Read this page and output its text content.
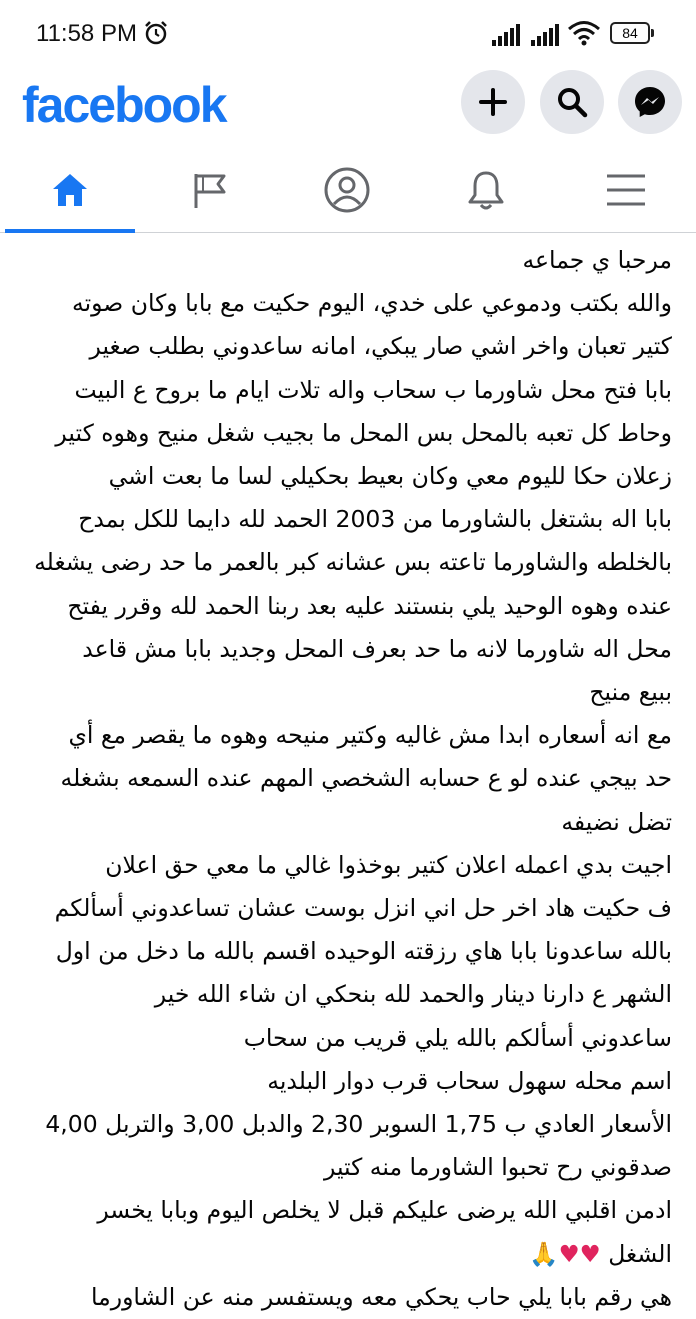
11:58 PM	84
facebook

مرحبا ي جماعه

والله بكتب ودموعي على خدي، اليوم حكيت مع بابا وكان صوته

كتير تعبان واخر اشي صار يبكي، امانه ساعدوني بطلب صغير

بابا فتح محل شاورما ب سحاب واله تلات ايام ما بروح ع البيت

وحاط كل تعبه بالمحل بس المحل ما بجيب شغل منيح وهوه كتير

زعلان حكا لليوم معي وكان بعيط بحكيلي لسا ما بعت اشي

بابا اله بشتغل بالشاورما من 2003 الحمد لله دايما للكل بمدح

بالخلطه والشاورما تاعته بس عشانه كبر بالعمر ما حد رضى يشغله

عنده وهوه الوحيد يلي بنستند عليه بعد ربنا الحمد لله وقرر يفتح

محل اله شاورما لانه ما حد بعرف المحل وجديد بابا مش قاعد

ببيع منيح

مع انه أسعاره ابدا مش غاليه وكتير منيحه وهوه ما يقصر مع أي

حد بيجي عنده لو ع حسابه الشخصي المهم عنده السمعه بشغله

تضل نضيفه

اجيت بدي اعمله اعلان كتير بوخذوا غالي ما معي حق اعلان

ف حكيت هاد اخر حل اني انزل بوست عشان تساعدوني أسألكم

بالله ساعدونا بابا هاي رزقته الوحيده اقسم بالله ما دخل من اول

الشهر ع دارنا دينار والحمد لله بنحكي ان شاء الله خير

ساعدوني أسألكم بالله يلي قريب من سحاب

اسم محله سهول سحاب قرب دوار البلديه

الأسعار العادي ب 1,75 السوبر 2,30 والدبل 3,00 والتربل 4,00

صدقوني رح تحبوا الشاورما منه كتير

ادمن اقلبي الله يرضى عليكم قبل لا يخلص اليوم وبابا يخسر

الشغل ♥♥🙏

هي رقم بابا يلي حاب يحكي معه ويستفسر منه عن الشاورما
